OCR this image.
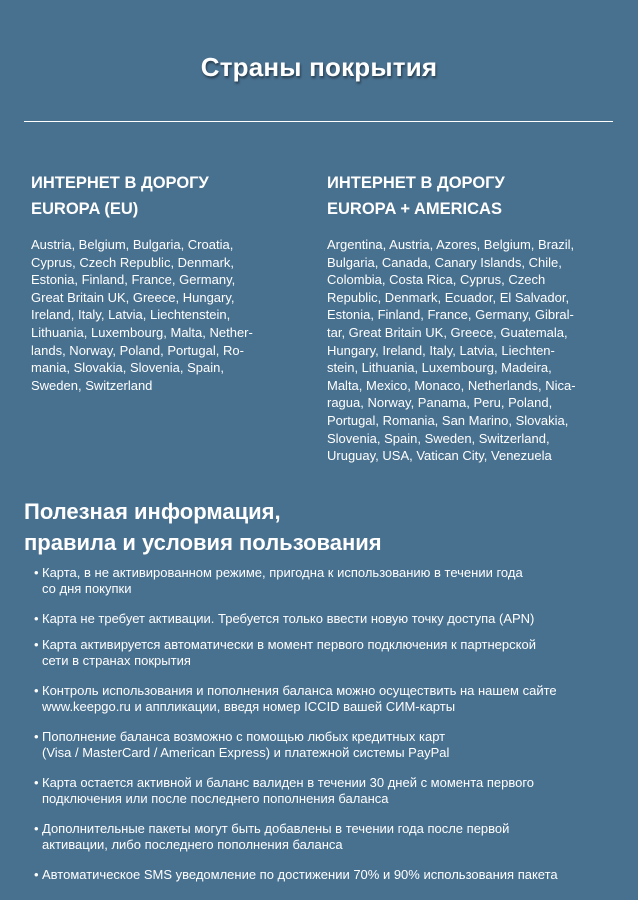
Страны покрытия
ИНТЕРНЕТ В ДОРОГУ
EUROPA (EU)
Austria, Belgium, Bulgaria, Croatia,
Cyprus, Czech Republic, Denmark,
Estonia, Finland, France, Germany,
Great Britain UK, Greece, Hungary,
Ireland, Italy, Latvia, Liechtenstein,
Lithuania, Luxembourg, Malta, Nether-
lands, Norway, Poland, Portugal, Ro-
mania, Slovakia, Slovenia, Spain,
Sweden, Switzerland
ИНТЕРНЕТ В ДОРОГУ
EUROPA + AMERICAS
Argentina, Austria, Azores, Belgium, Brazil,
Bulgaria, Canada, Canary Islands, Chile,
Colombia, Costa Rica, Cyprus, Czech
Republic, Denmark, Ecuador, El Salvador,
Estonia, Finland, France, Germany, Gibral-
tar, Great Britain UK, Greece, Guatemala,
Hungary, Ireland, Italy, Latvia, Liechten-
stein, Lithuania, Luxembourg, Madeira,
Malta, Mexico, Monaco, Netherlands, Nica-
ragua, Norway, Panama, Peru, Poland,
Portugal, Romania, San Marino, Slovakia,
Slovenia, Spain, Sweden, Switzerland,
Uruguay, USA, Vatican City, Venezuela
Полезная информация,
правила и условия пользования
• Карта, в не активированном режиме, пригодна к использованию в течении года
со дня покупки
• Карта не требует активации. Требуется только ввести новую точку доступа (APN)
• Карта активируется автоматически в момент первого подключения к партнерской
сети в странах покрытия
• Контроль использования и пополнения баланса можно осуществить на нашем сайте
www.keepgo.ru и аппликации, введя номер ICCID вашей СИМ-карты
• Пополнение баланса возможно с помощью любых кредитных карт
(Visa / MasterCard / American Express) и платежной системы PayPal
• Карта остается активной и баланс валиден в течении 30 дней с момента первого
подключения или после последнего пополнения баланса
• Дополнительные пакеты могут быть добавлены в течении года после первой
активации, либо последнего пополнения баланса
• Автоматическое SMS уведомление по достижении 70% и 90% использования пакета
